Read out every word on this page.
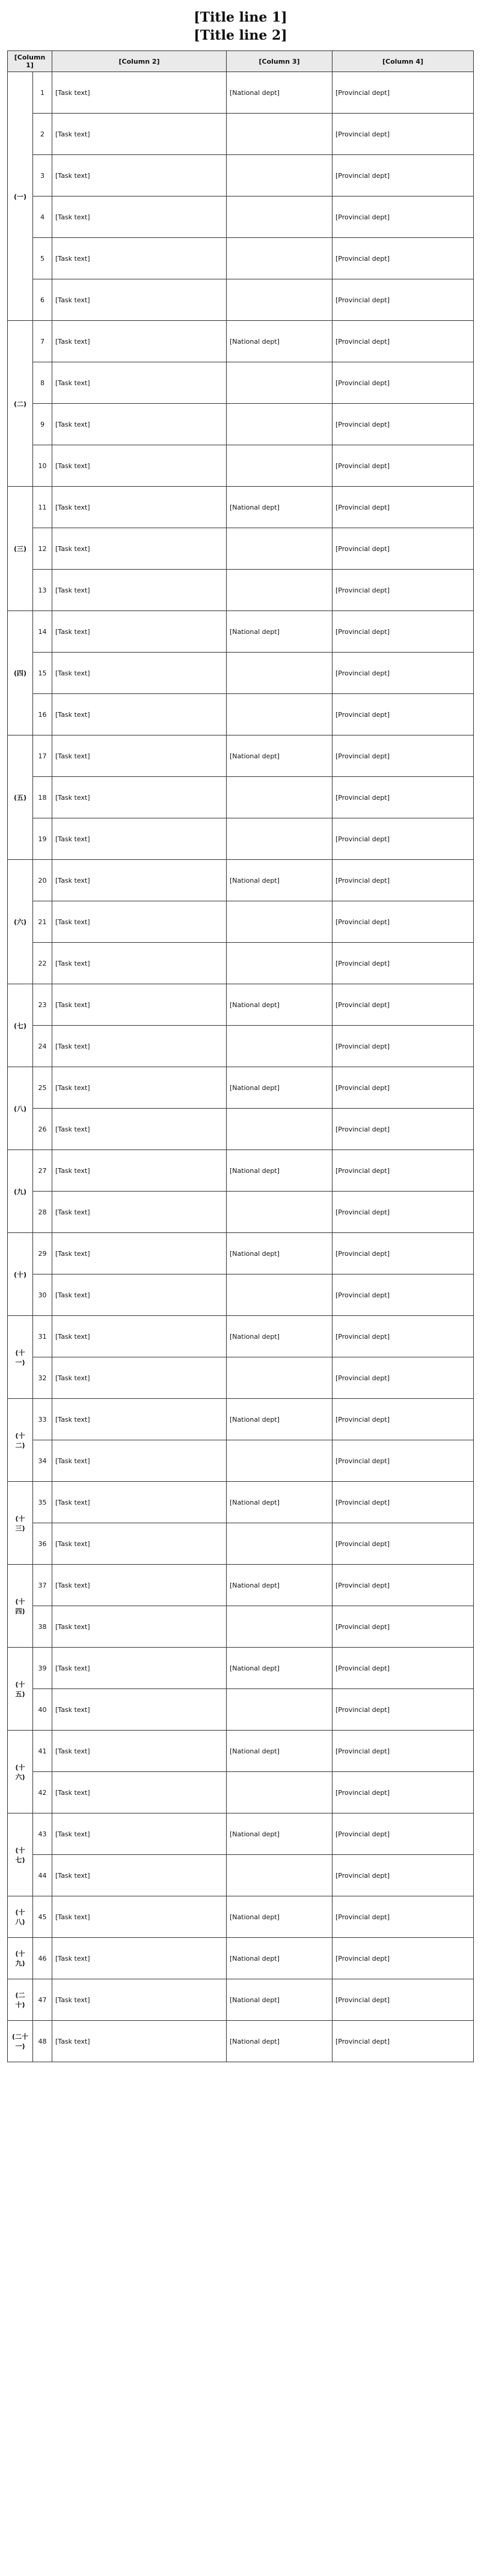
[Title line 1]
[Title line 2]
[Column 1]		[Column 2]	[Column 3]	[Column 4]
(一)	1	[Task text]	[National dept]	[Provincial dept]
	2	[Task text]		[Provincial dept]
	3	[Task text]		[Provincial dept]
	4	[Task text]		[Provincial dept]
	5	[Task text]		[Provincial dept]
	6	[Task text]		[Provincial dept]
(二)	7	[Task text]	[National dept]	[Provincial dept]
	8	[Task text]		[Provincial dept]
	9	[Task text]		[Provincial dept]
	10	[Task text]		[Provincial dept]
(三)	11	[Task text]	[National dept]	[Provincial dept]
	12	[Task text]		[Provincial dept]
	13	[Task text]		[Provincial dept]
(四)	14	[Task text]	[National dept]	[Provincial dept]
	15	[Task text]		[Provincial dept]
	16	[Task text]		[Provincial dept]
(五)	17	[Task text]	[National dept]	[Provincial dept]
	18	[Task text]		[Provincial dept]
	19	[Task text]		[Provincial dept]
(六)	20	[Task text]	[National dept]	[Provincial dept]
	21	[Task text]		[Provincial dept]
	22	[Task text]		[Provincial dept]
(七)	23	[Task text]	[National dept]	[Provincial dept]
	24	[Task text]		[Provincial dept]
(八)	25	[Task text]	[National dept]	[Provincial dept]
	26	[Task text]		[Provincial dept]
(九)	27	[Task text]	[National dept]	[Provincial dept]
	28	[Task text]		[Provincial dept]
(十)	29	[Task text]	[National dept]	[Provincial dept]
	30	[Task text]		[Provincial dept]
(十一)	31	[Task text]	[National dept]	[Provincial dept]
	32	[Task text]		[Provincial dept]
(十二)	33	[Task text]	[National dept]	[Provincial dept]
	34	[Task text]		[Provincial dept]
(十三)	35	[Task text]	[National dept]	[Provincial dept]
	36	[Task text]		[Provincial dept]
(十四)	37	[Task text]	[National dept]	[Provincial dept]
	38	[Task text]		[Provincial dept]
(十五)	39	[Task text]	[National dept]	[Provincial dept]
	40	[Task text]		[Provincial dept]
(十六)	41	[Task text]	[National dept]	[Provincial dept]
	42	[Task text]		[Provincial dept]
(十七)	43	[Task text]	[National dept]	[Provincial dept]
	44	[Task text]		[Provincial dept]
(十八)	45	[Task text]	[National dept]	[Provincial dept]
(十九)	46	[Task text]	[National dept]	[Provincial dept]
(二十)	47	[Task text]	[National dept]	[Provincial dept]
(二十一)	48	[Task text]	[National dept]	[Provincial dept]
